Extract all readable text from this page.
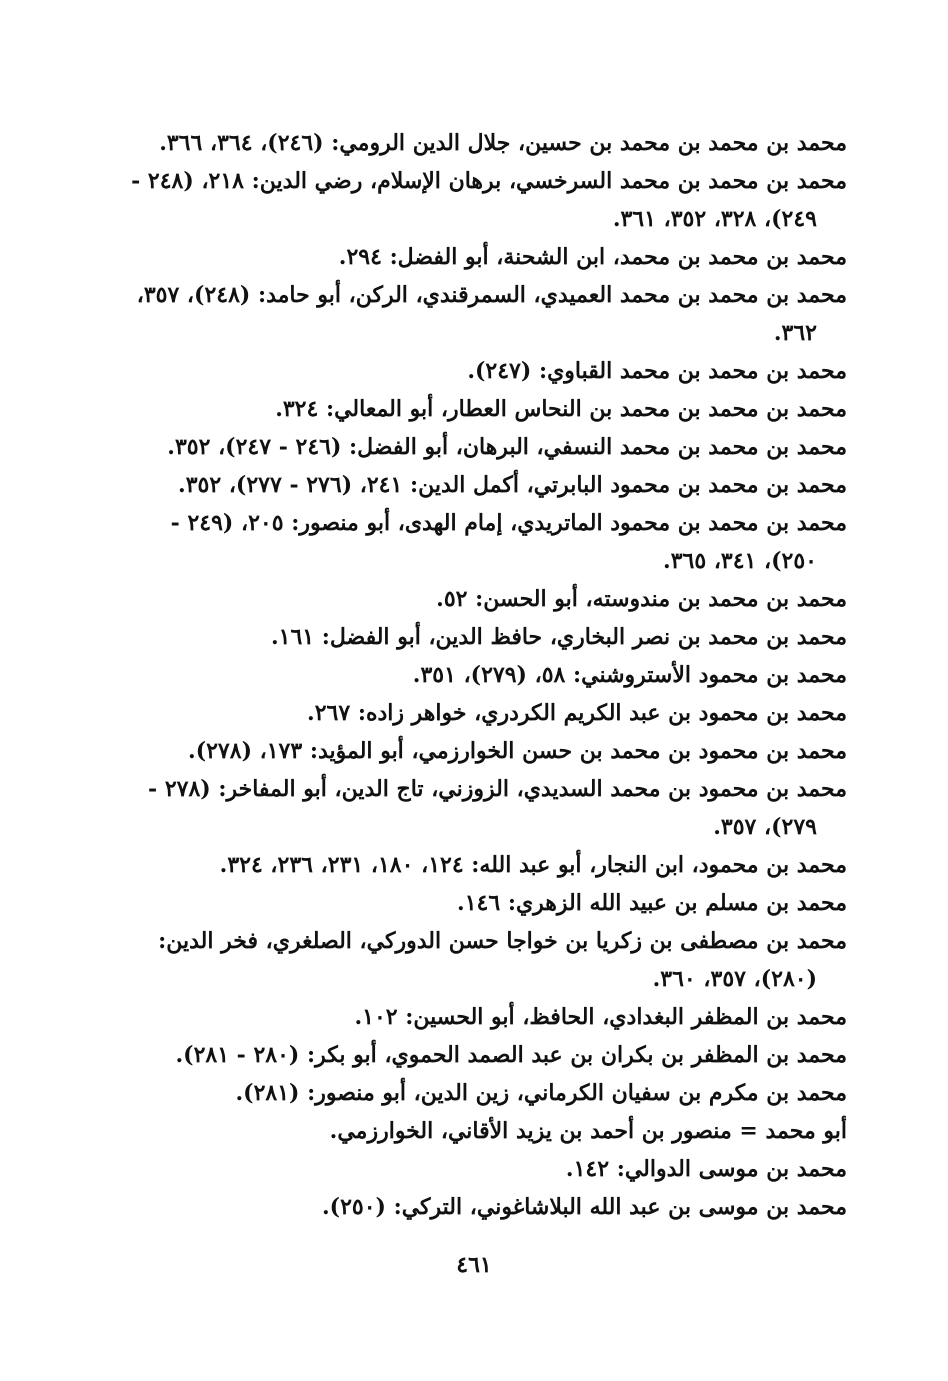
محمد بن محمد بن محمد بن حسين، جلال الدين الرومي: (٢٤٦)، ٣٦٤، ٣٦٦.
محمد بن محمد بن محمد السرخسي، برهان الإسلام، رضي الدين: ٢١٨، (٢٤٨ -
٢٤٩)، ٣٢٨، ٣٥٢، ٣٦١.
محمد بن محمد بن محمد، ابن الشحنة، أبو الفضل: ٢٩٤.
محمد بن محمد بن محمد العميدي، السمرقندي، الركن، أبو حامد: (٢٤٨)، ٣٥٧،
٣٦٢.
محمد بن محمد بن محمد القباوي: (٢٤٧).
محمد بن محمد بن محمد بن النحاس العطار، أبو المعالي: ٣٢٤.
محمد بن محمد بن محمد النسفي، البرهان، أبو الفضل: (٢٤٦ - ٢٤٧)، ٣٥٢.
محمد بن محمد بن محمود البابرتي، أكمل الدين: ٢٤١، (٢٧٦ - ٢٧٧)، ٣٥٢.
محمد بن محمد بن محمود الماتريدي، إمام الهدى، أبو منصور: ٢٠٥، (٢٤٩ -
٢٥٠)، ٣٤١، ٣٦٥.
محمد بن محمد بن مندوسته، أبو الحسن: ٥٢.
محمد بن محمد بن نصر البخاري، حافظ الدين، أبو الفضل: ١٦١.
محمد بن محمود الأستروشني: ٥٨، (٢٧٩)، ٣٥١.
محمد بن محمود بن عبد الكريم الكردري، خواهر زاده: ٢٦٧.
محمد بن محمود بن محمد بن حسن الخوارزمي، أبو المؤيد: ١٧٣، (٢٧٨).
محمد بن محمود بن محمد السديدي، الزوزني، تاج الدين، أبو المفاخر: (٢٧٨ -
٢٧٩)، ٣٥٧.
محمد بن محمود، ابن النجار، أبو عبد الله: ١٢٤، ١٨٠، ٢٣١، ٢٣٦، ٣٢٤.
محمد بن مسلم بن عبيد الله الزهري: ١٤٦.
محمد بن مصطفى بن زكريا بن خواجا حسن الدوركي، الصلغري، فخر الدين:
(٢٨٠)، ٣٥٧، ٣٦٠.
محمد بن المظفر البغدادي، الحافظ، أبو الحسين: ١٠٢.
محمد بن المظفر بن بكران بن عبد الصمد الحموي، أبو بكر: (٢٨٠ - ٢٨١).
محمد بن مكرم بن سفيان الكرماني، زين الدين، أبو منصور: (٢٨١).
أبو محمد = منصور بن أحمد بن يزيد الأقاني، الخوارزمي.
محمد بن موسى الدوالي: ١٤٢.
محمد بن موسى بن عبد الله البلاشاغوني، التركي: (٢٥٠).
٤٦١
